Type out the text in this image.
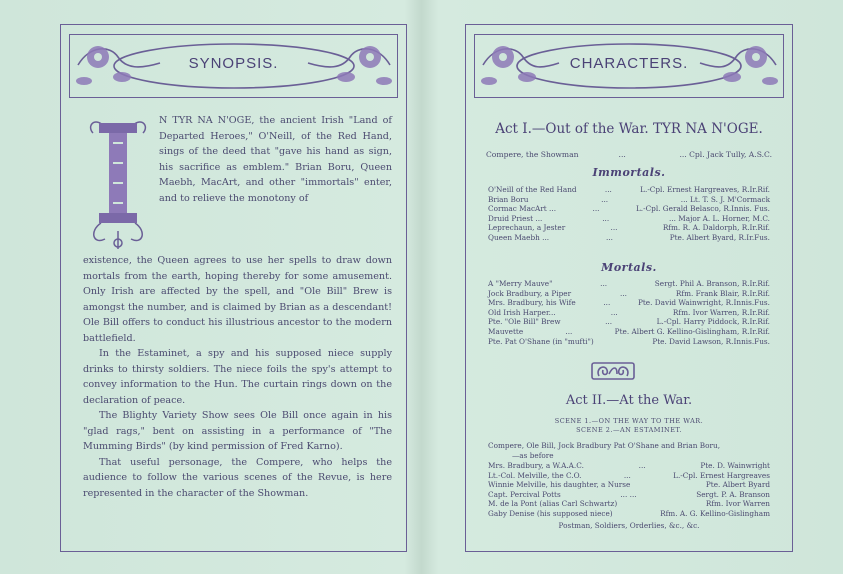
SYNOPSIS.

N TYR NA N'OGE, the ancient Irish "Land of Departed Heroes," O'Neill, of the Red Hand, sings of the deed that "gave his hand as sign, his sacrifice as emblem." Brian Boru, Queen Maebh, MacArt, and other "immortals" enter, and to relieve the monotony of

existence, the Queen agrees to use her spells to draw down mortals from the earth, hoping thereby for some amusement. Only Irish are affected by the spell, and "Ole Bill" Brew is amongst the number, and is claimed by Brian as a descendant! Ole Bill offers to conduct his illustrious ancestor to the modern battlefield.

In the Estaminet, a spy and his supposed niece supply drinks to thirsty soldiers. The niece foils the spy's attempt to convey information to the Hun. The curtain rings down on the declaration of peace.

The Blighty Variety Show sees Ole Bill once again in his "glad rags," bent on assisting in a performance of "The Mumming Birds" (by kind permission of Fred Karno).

That useful personage, the Compere, who helps the audience to follow the various scenes of the Revue, is here represented in the character of the Showman.

CHARACTERS.
Act I.—Out of the War. TYR NA N'OGE.
Compere, the Showman	...	... Cpl. Jack Tully, A.S.C.
Immortals.
O'Neill of the Red Hand	...	L.-Cpl. Ernest Hargreaves, R.Ir.Rif.
Brian Boru	...	... Lt. T. S. J. M'Cormack
Cormac MacArt ...	...	L.-Cpl. Gerald Belasco, R.Innis. Fus.
Druid Priest ...	...	... Major A. L. Horner, M.C.
Leprechaun, a Jester	...	Rfm. R. A. Daldorph, R.Ir.Rif.
Queen Maebh ...	...	Pte. Albert Byard, R.Ir.Fus.
Mortals.
A "Merry Mauve"	...	Sergt. Phil A. Branson, R.Ir.Rif.
Jock Bradbury, a Piper	...	Rfm. Frank Blair, R.Ir.Rif.
Mrs. Bradbury, his Wife	...	Pte. David Wainwright, R.Innis.Fus.
Old Irish Harper...	...	Rfm. Ivor Warren, R.Ir.Rif.
Pte. "Ole Bill" Brew	...	L.-Cpl. Harry Piddock, R.Ir.Rif.
Mauvette	...	Pte. Albert G. Kellino-Gislingham, R.Ir.Rif.
Pte. Pat O'Shane (in "mufti")	Pte. David Lawson, R.Innis.Fus.
Act II.—At the War.
SCENE 1.—ON THE WAY TO THE WAR.
SCENE 2.—AN ESTAMINET.
Compere, Ole Bill, Jock Bradbury Pat O'Shane and Brian Boru,
—as before
Mrs. Bradbury, a W.A.A.C.	...	Pte. D. Wainwright
Lt.-Col. Melville, the C.O.	...	L.-Cpl. Ernest Hargreaves
Winnie Melville, his daughter, a Nurse	Pte. Albert Byard
Capt. Percival Potts	... ...	Sergt. P. A. Branson
M. de la Pont (alias Carl Schwartz)	Rfm. Ivor Warren
Gaby Denise (his supposed niece)	Rfm. A. G. Kellino-Gislingham
Postman, Soldiers, Orderlies, &c., &c.
